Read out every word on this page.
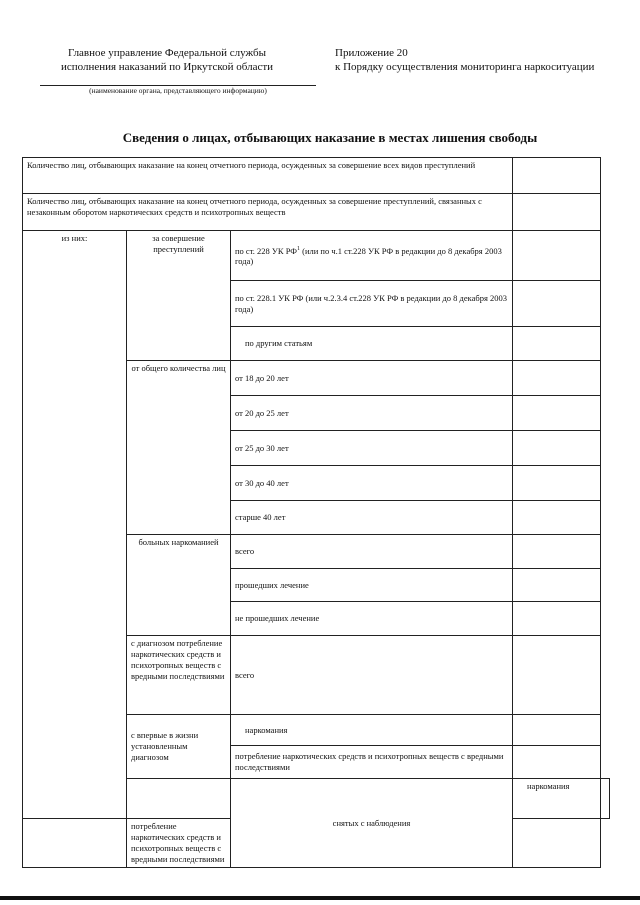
Главное управление Федеральной службы
исполнения наказаний по Иркутской области
(наименование органа, представляющего информацию)
Приложение 20
к Порядку осуществления мониторинга наркоситуации
Сведения о лицах, отбывающих наказание в местах лишения свободы
Количество лиц, отбывающих наказание на конец отчетного периода, осужденных за совершение всех видов преступлений				
Количество лиц, отбывающих наказание на конец отчетного периода, осужденных за совершение преступлений, связанных с незаконным оборотом наркотических средств и психотропных веществ				
из них:	за совершение преступлений	по ст. 228 УК $РФ^1$ (или по ч.1 ст.228 УК РФ в редакции до 8 декабря 2003 года)		
		по ст. 228.1 УК РФ (или ч.2.3.4 ст.228 УК РФ в редакции до 8 декабря 2003 года)		
		по другим статьям		
	от общего количества лиц	от 18 до 20 лет		
		от 20 до 25 лет		
		от 25 до 30 лет		
		от 30 до 40 лет		
		старше 40 лет		
	больных наркоманией	всего		
		прошедших лечение		
		не прошедших лечение		
	с диагнозом потребление наркотических средств и психотропных веществ с вредными последствиями	всего		
	с впервые в жизни установленным диагнозом	наркомания		
		потребление наркотических средств и психотропных веществ с вредными последствиями		
		снятых с наблюдения	наркомания	
	потребление наркотических средств и психотропных веществ с вредными последствиями			
